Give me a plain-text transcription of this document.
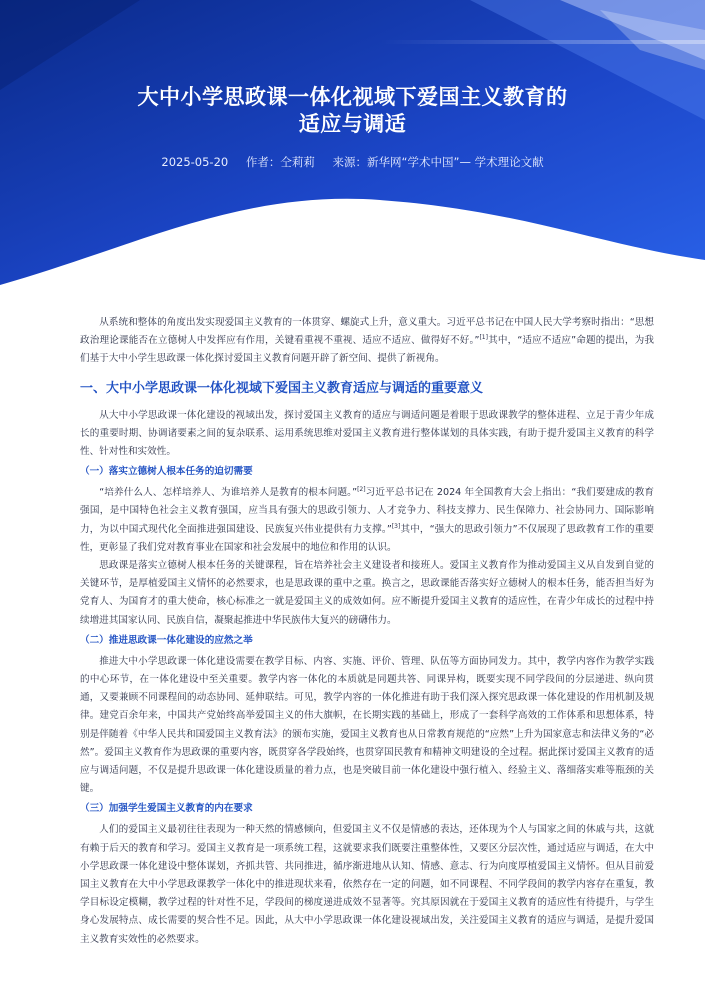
大中小学思政课一体化视域下爱国主义教育的
适应与调适
2025-05-20 作者：仝莉莉 来源：新华网“学术中国”— 学术理论文献

从系统和整体的角度出发实现爱国主义教育的一体贯穿、螺旋式上升，意义重大。习近平总书记在中国人民大学考察时指出：“思想政治理论课能否在立德树人中发挥应有作用，关键看重视不重视、适应不适应、做得好不好。”[1]其中，“适应不适应”命题的提出，为我们基于大中小学生思政课一体化探讨爱国主义教育问题开辟了新空间、提供了新视角。

一、大中小学思政课一体化视域下爱国主义教育适应与调适的重要意义

从大中小学思政课一体化建设的视域出发，探讨爱国主义教育的适应与调适问题是着眼于思政课教学的整体进程、立足于青少年成长的重要时期、协调诸要素之间的复杂联系、运用系统思维对爱国主义教育进行整体谋划的具体实践，有助于提升爱国主义教育的科学性、针对性和实效性。

（一）落实立德树人根本任务的迫切需要

“培养什么人、怎样培养人、为谁培养人是教育的根本问题。”[2]习近平总书记在 2024 年全国教育大会上指出：“我们要建成的教育强国，是中国特色社会主义教育强国，应当具有强大的思政引领力、人才竞争力、科技支撑力、民生保障力、社会协同力、国际影响力，为以中国式现代化全面推进强国建设、民族复兴伟业提供有力支撑。”[3]其中，“强大的思政引领力”不仅展现了思政教育工作的重要性，更彰显了我们党对教育事业在国家和社会发展中的地位和作用的认识。

思政课是落实立德树人根本任务的关键课程，旨在培养社会主义建设者和接班人。爱国主义教育作为推动爱国主义从自发到自觉的关键环节，是厚植爱国主义情怀的必然要求，也是思政课的重中之重。换言之，思政课能否落实好立德树人的根本任务，能否担当好为党育人、为国育才的重大使命，核心标准之一就是爱国主义的成效如何。应不断提升爱国主义教育的适应性，在青少年成长的过程中持续增进其国家认同、民族自信，凝聚起推进中华民族伟大复兴的磅礴伟力。

（二）推进思政课一体化建设的应然之举

推进大中小学思政课一体化建设需要在教学目标、内容、实施、评价、管理、队伍等方面协同发力。其中，教学内容作为教学实践的中心环节，在一体化建设中至关重要。教学内容一体化的本质就是同题共答、同课异构，既要实现不同学段间的分层递进、纵向贯通，又要兼顾不同课程间的动态协同、延伸联结。可见，教学内容的一体化推进有助于我们深入探究思政课一体化建设的作用机制及规律。建党百余年来，中国共产党始终高举爱国主义的伟大旗帜，在长期实践的基础上，形成了一套科学高效的工作体系和思想体系，特别是伴随着《中华人民共和国爱国主义教育法》的颁布实施，爱国主义教育也从日常教育规范的“应然”上升为国家意志和法律义务的“必然”。爱国主义教育作为思政课的重要内容，既贯穿各学段始终，也贯穿国民教育和精神文明建设的全过程。据此探讨爱国主义教育的适应与调适问题，不仅是提升思政课一体化建设质量的着力点，也是突破目前一体化建设中强行植入、经验主义、落细落实难等瓶颈的关键。

（三）加强学生爱国主义教育的内在要求

人们的爱国主义最初往往表现为一种天然的情感倾向，但爱国主义不仅是情感的表达，还体现为个人与国家之间的休戚与共，这就有赖于后天的教育和学习。爱国主义教育是一项系统工程，这就要求我们既要注重整体性，又要区分层次性，通过适应与调适，在大中小学思政课一体化建设中整体谋划，齐抓共管、共同推进，循序渐进地从认知、情感、意志、行为向度厚植爱国主义情怀。但从目前爱国主义教育在大中小学思政课教学一体化中的推进现状来看，依然存在一定的问题，如不同课程、不同学段间的教学内容存在重复，教学目标设定模糊，教学过程的针对性不足，学段间的梯度递进成效不显著等。究其原因就在于爱国主义教育的适应性有待提升，与学生身心发展特点、成长需要的契合性不足。因此，从大中小学思政课一体化建设视域出发，关注爱国主义教育的适应与调适，是提升爱国主义教育实效性的必然要求。
